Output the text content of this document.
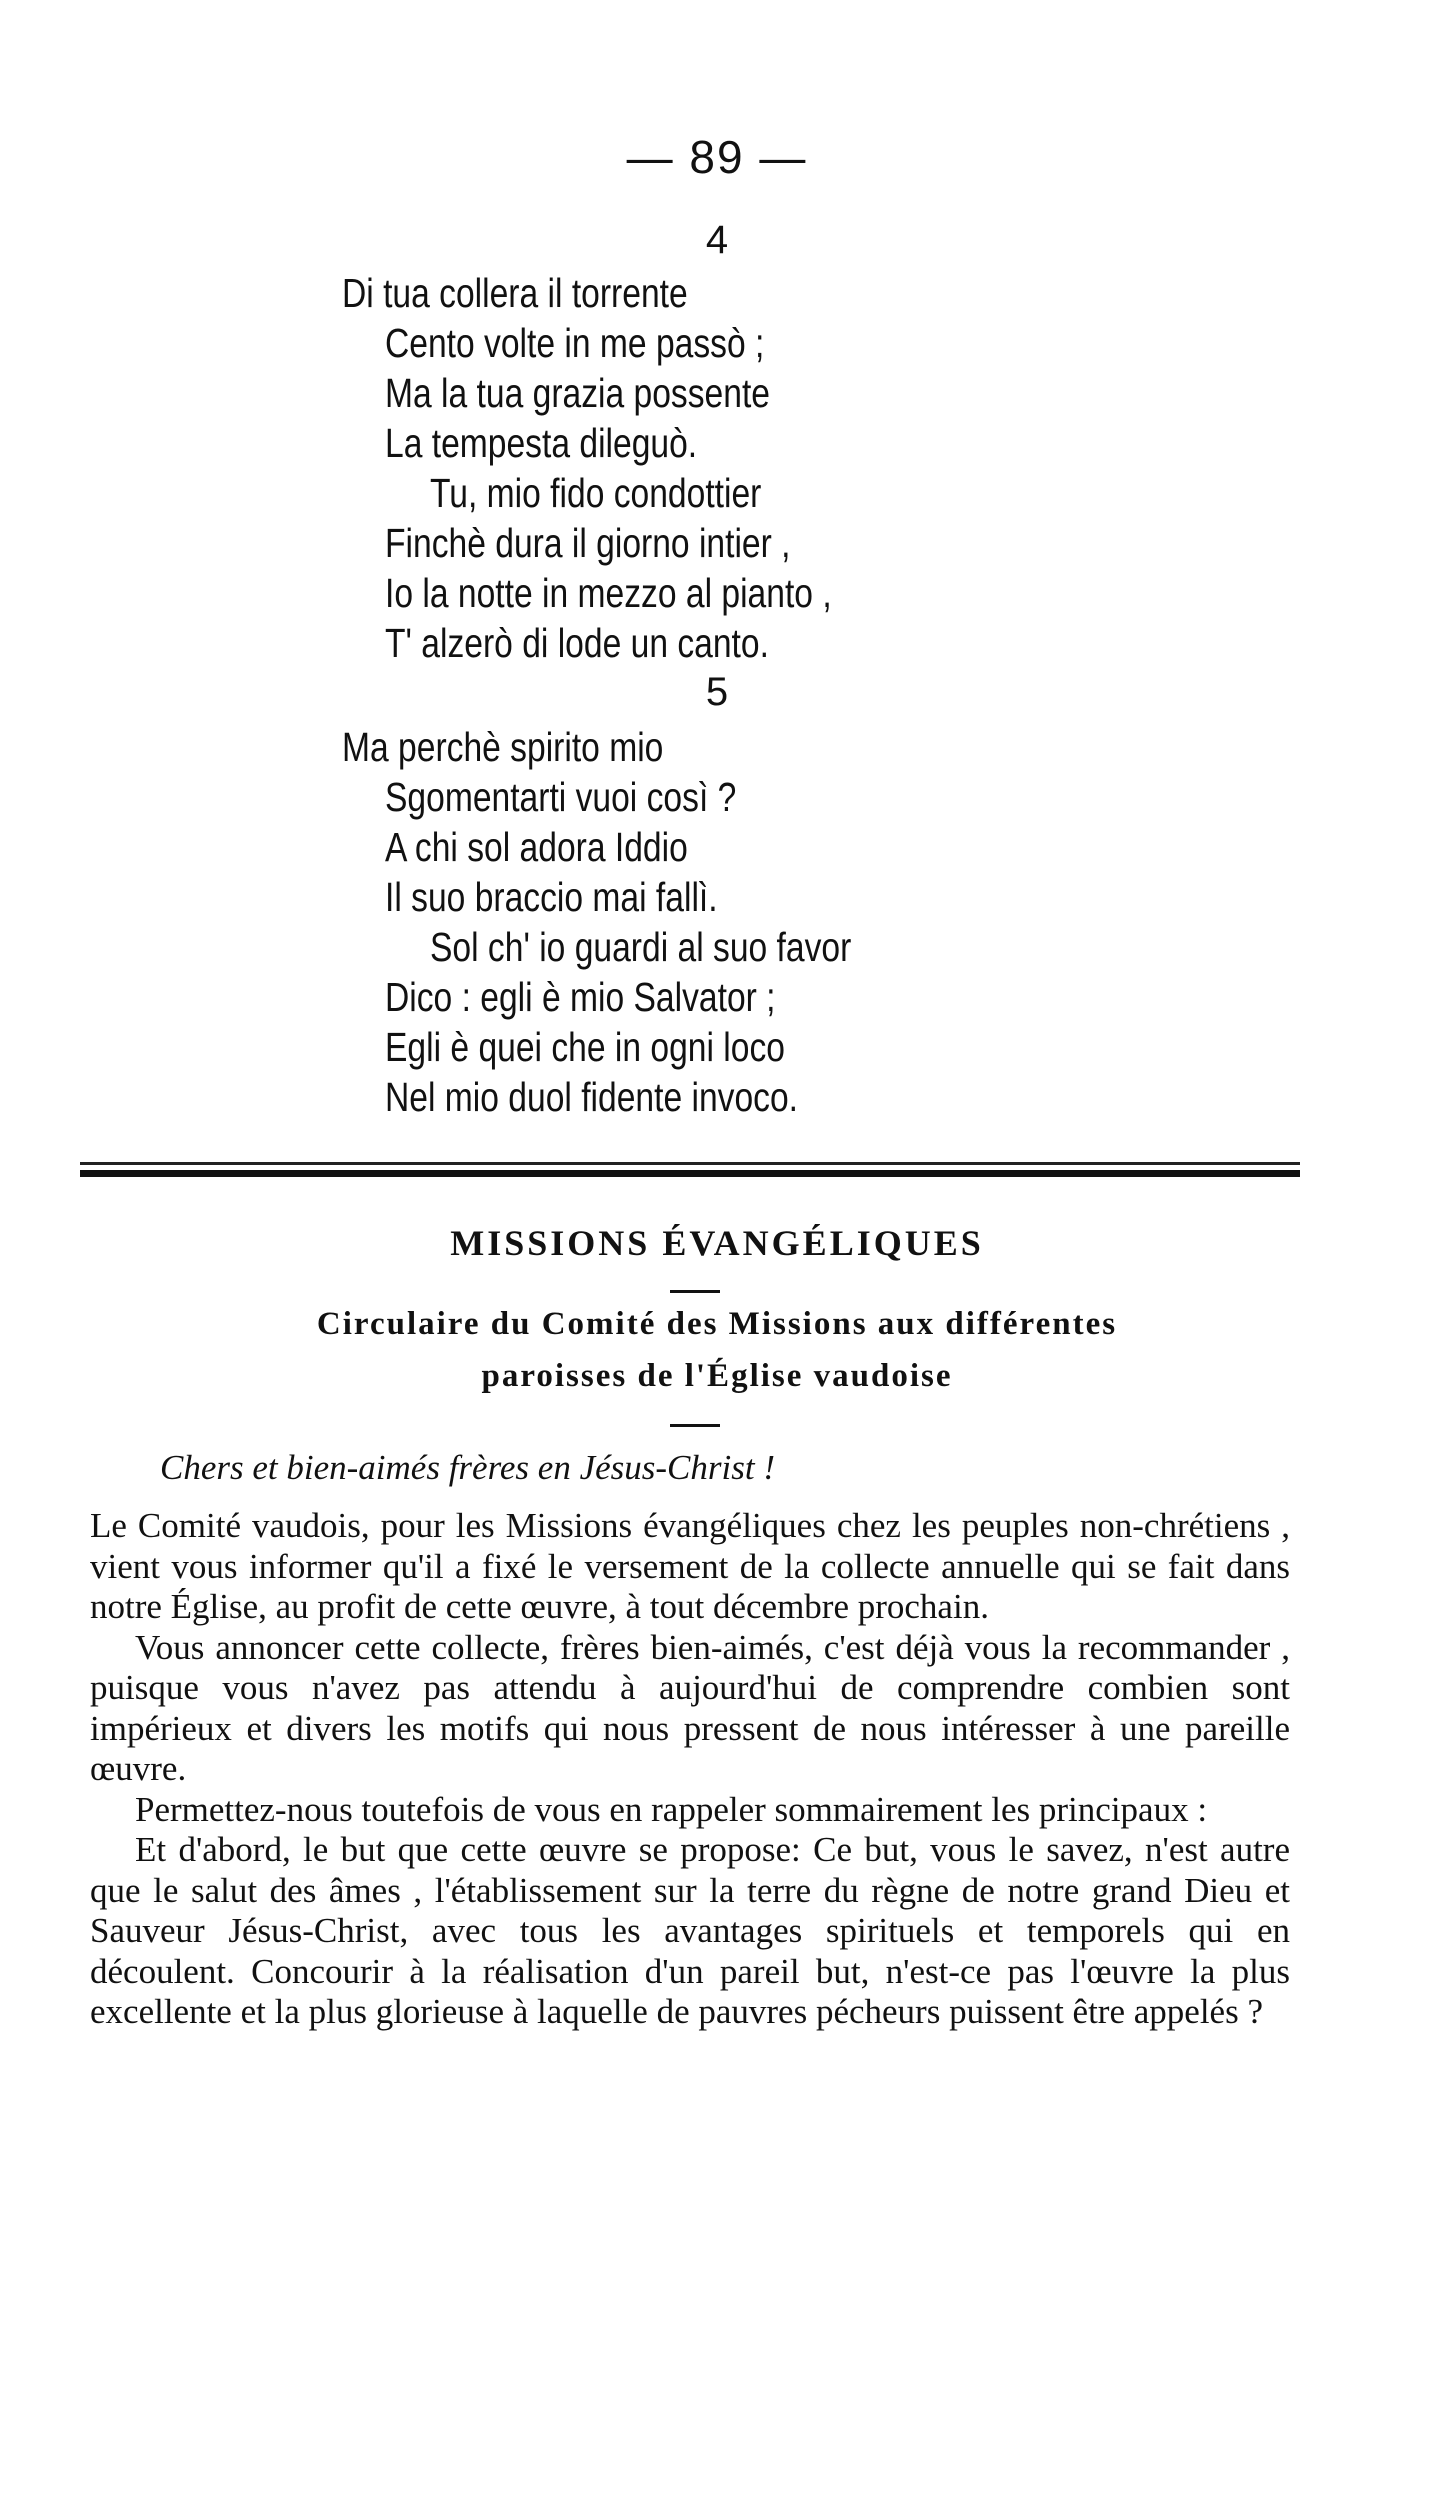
— 89 —
4
Di tua collera il torrente
Cento volte in me passò ;
Ma la tua grazia possente
La tempesta dileguò.
Tu, mio fido condottier
Finchè dura il giorno intier ,
Io la notte in mezzo al pianto ,
T' alzerò di lode un canto.
5
Ma perchè spirito mio
Sgomentarti vuoi così ?
A chi sol adora Iddio
Il suo braccio mai fallì.
Sol ch' io guardi al suo favor
Dico : egli è mio Salvator ;
Egli è quei che in ogni loco
Nel mio duol fidente invoco.
MISSIONS ÉVANGÉLIQUES
Circulaire du Comité des Missions aux différentes
paroisses de l'Église vaudoise
Chers et bien-aimés frères en Jésus-Christ !

Le Comité vaudois, pour les Missions évangéliques chez les peuples non-chrétiens , vient vous informer qu'il a fixé le versement de la collecte annuelle qui se fait dans notre Église, au profit de cette œuvre, à tout décembre prochain.

Vous annoncer cette collecte, frères bien-aimés, c'est déjà vous la recommander , puisque vous n'avez pas attendu à aujourd'hui de comprendre combien sont impérieux et divers les motifs qui nous pressent de nous intéresser à une pareille œuvre.

Permettez-nous toutefois de vous en rappeler sommairement les principaux :

Et d'abord, le but que cette œuvre se propose: Ce but, vous le savez, n'est autre que le salut des âmes , l'établissement sur la terre du règne de notre grand Dieu et Sauveur Jésus-Christ, avec tous les avantages spirituels et temporels qui en découlent. Concourir à la réalisation d'un pareil but, n'est-ce pas l'œuvre la plus excellente et la plus glorieuse à laquelle de pauvres pécheurs puissent être appelés ?
